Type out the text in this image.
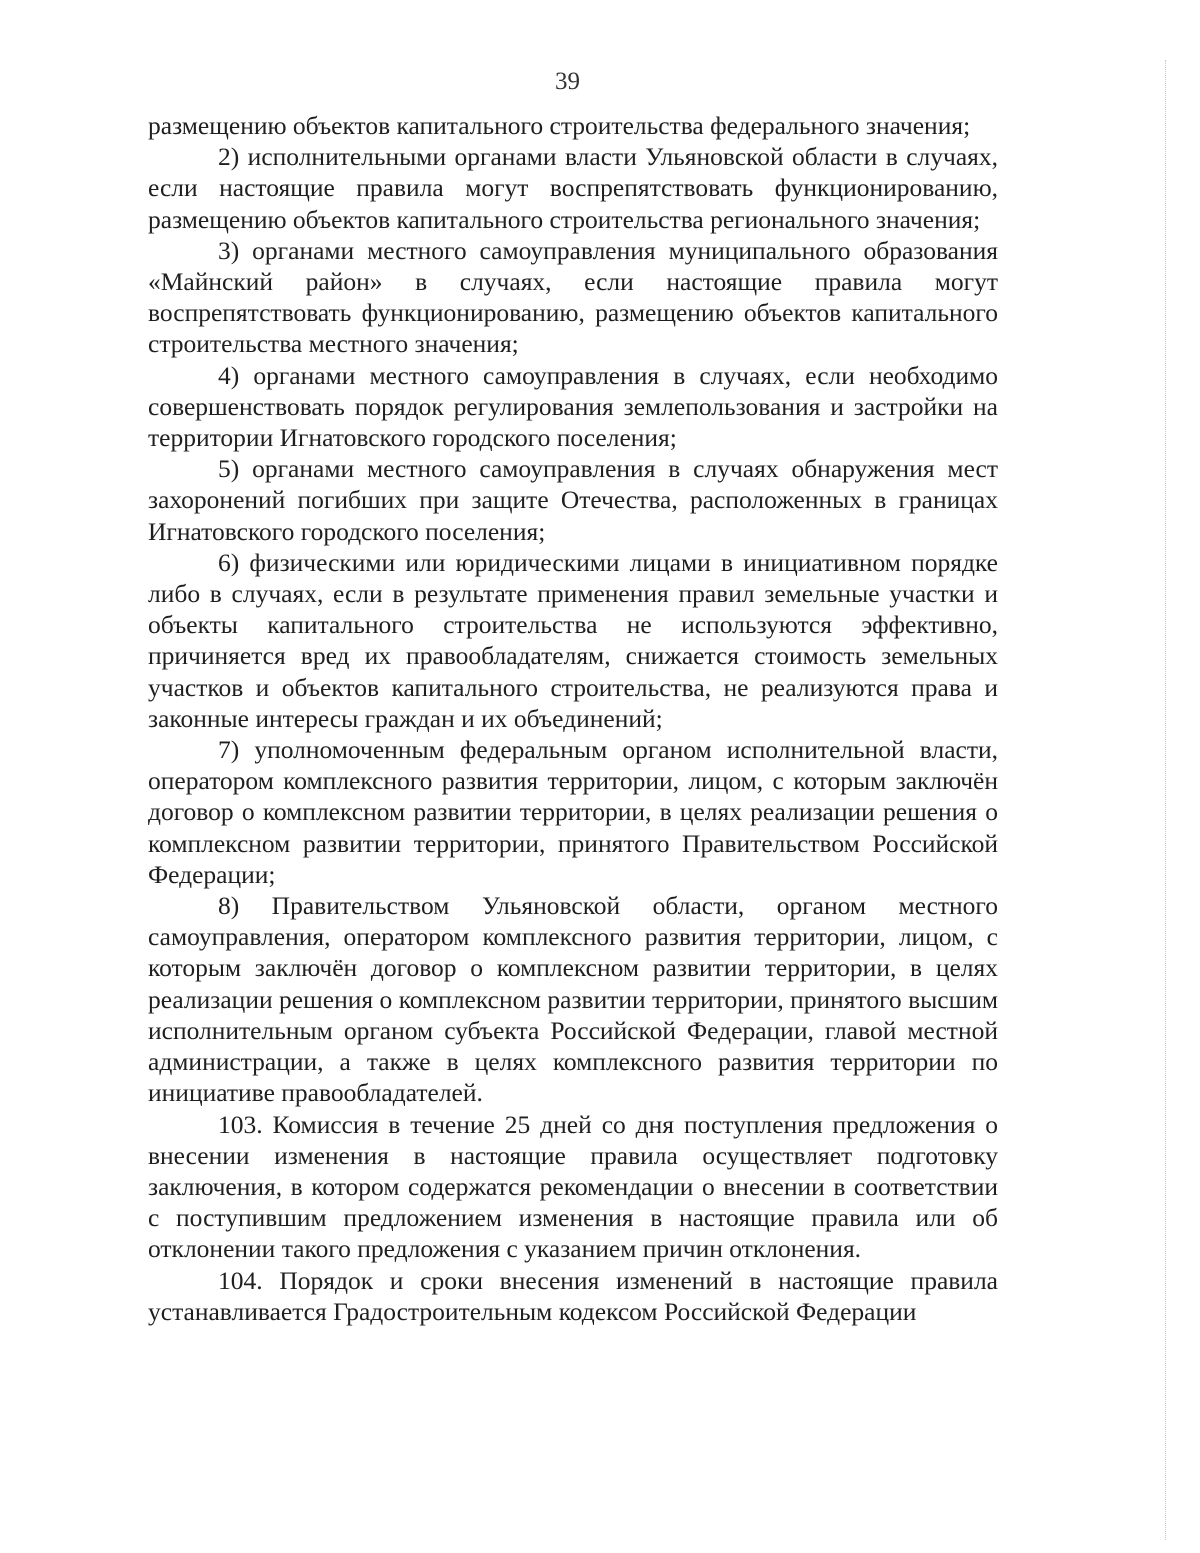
39

размещению объектов капитального строительства федерального значения;

2) исполнительными органами власти Ульяновской области в случаях, если настоящие правила могут воспрепятствовать функционированию, размещению объектов капитального строительства регионального значения;

3) органами местного самоуправления муниципального образования «Майнский район» в случаях, если настоящие правила могут воспрепятствовать функционированию, размещению объектов капитального строительства местного значения;

4) органами местного самоуправления в случаях, если необходимо совершенствовать порядок регулирования землепользования и застройки на территории Игнатовского городского поселения;

5) органами местного самоуправления в случаях обнаружения мест захоронений погибших при защите Отечества, расположенных в границах Игнатовского городского поселения;

6) физическими или юридическими лицами в инициативном порядке либо в случаях, если в результате применения правил земельные участки и объекты капитального строительства не используются эффективно, причиняется вред их правообладателям, снижается стоимость земельных участков и объектов капитального строительства, не реализуются права и законные интересы граждан и их объединений;

7) уполномоченным федеральным органом исполнительной власти, оператором комплексного развития территории, лицом, с которым заключён договор о комплексном развитии территории, в целях реализации решения о комплексном развитии территории, принятого Правительством Российской Федерации;

8) Правительством Ульяновской области, органом местного самоуправления, оператором комплексного развития территории, лицом, с которым заключён договор о комплексном развитии территории, в целях реализации решения о комплексном развитии территории, принятого высшим исполнительным органом субъекта Российской Федерации, главой местной администрации, а также в целях комплексного развития территории по инициативе правообладателей.

103. Комиссия в течение 25 дней со дня поступления предложения о внесении изменения в настоящие правила осуществляет подготовку заключения, в котором содержатся рекомендации о внесении в соответствии с поступившим предложением изменения в настоящие правила или об отклонении такого предложения с указанием причин отклонения.

104. Порядок и сроки внесения изменений в настоящие правила устанавливается Градостроительным кодексом Российской Федерации
